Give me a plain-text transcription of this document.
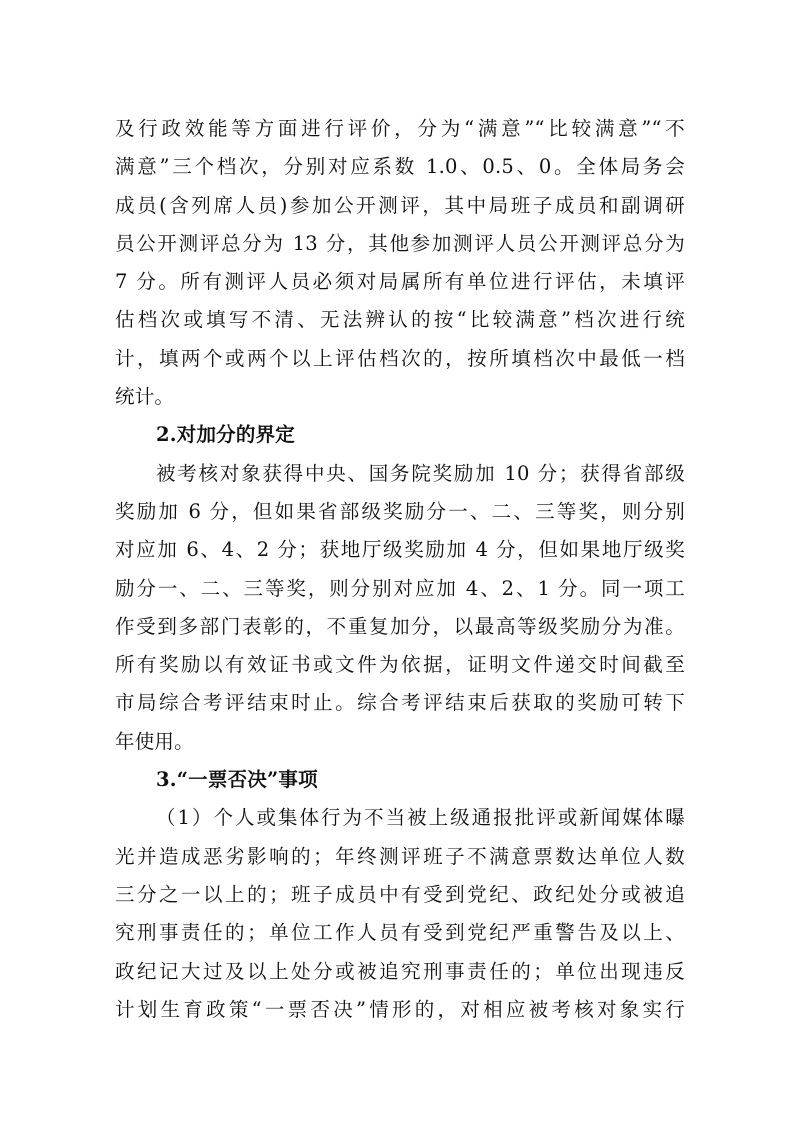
及行政效能等方面进行评价，分为“满意”“比较满意”“不
满意”三个档次，分别对应系数 1.0、0.5、0。全体局务会
成员(含列席人员)参加公开测评，其中局班子成员和副调研
员公开测评总分为 13 分，其他参加测评人员公开测评总分为
7 分。所有测评人员必须对局属所有单位进行评估，未填评
估档次或填写不清、无法辨认的按“比较满意”档次进行统
计，填两个或两个以上评估档次的，按所填档次中最低一档
统计。
2.对加分的界定
被考核对象获得中央、国务院奖励加 10 分；获得省部级
奖励加 6 分，但如果省部级奖励分一、二、三等奖，则分别
对应加 6、4、2 分；获地厅级奖励加 4 分，但如果地厅级奖
励分一、二、三等奖，则分别对应加 4、2、1 分。同一项工
作受到多部门表彰的，不重复加分，以最高等级奖励分为准。
所有奖励以有效证书或文件为依据，证明文件递交时间截至
市局综合考评结束时止。综合考评结束后获取的奖励可转下
年使用。
3.“一票否决”事项
（1）个人或集体行为不当被上级通报批评或新闻媒体曝
光并造成恶劣影响的；年终测评班子不满意票数达单位人数
三分之一以上的；班子成员中有受到党纪、政纪处分或被追
究刑事责任的；单位工作人员有受到党纪严重警告及以上、
政纪记大过及以上处分或被追究刑事责任的；单位出现违反
计划生育政策“一票否决”情形的，对相应被考核对象实行
